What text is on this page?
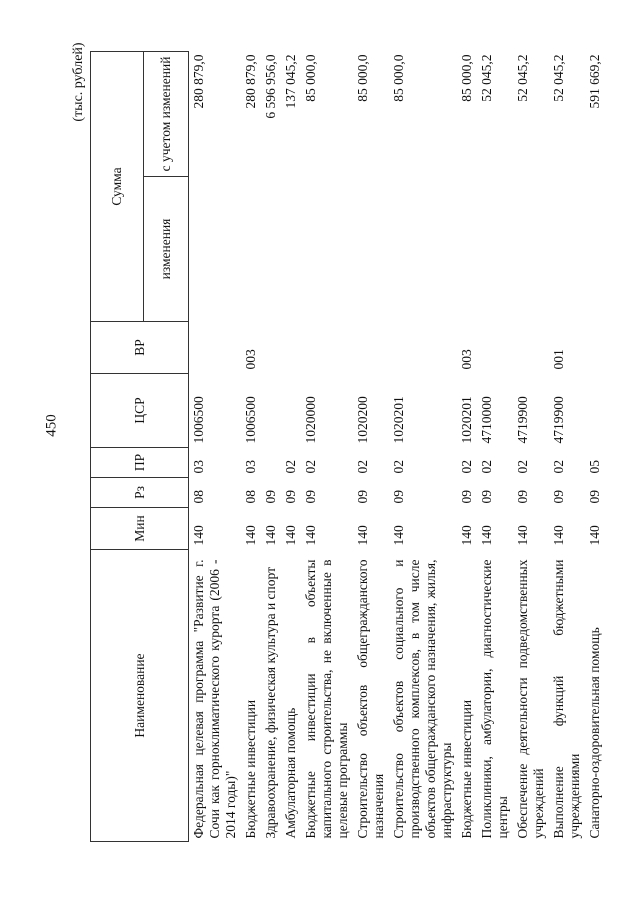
450
(тыс. рублей)
Наименование	Мин	Рз	ПР	ЦСР	ВР	Сумма	
						изменения	с учетом изменений
Федеральная целевая программа "Развитие г. Сочи как горноклиматического курорта (2006 - 2014 годы)"	140	08	03	1006500			280 879,0
Бюджетные инвестиции	140	08	03	1006500	003		280 879,0
Здравоохранение, физическая культура и спорт	140	09					6 596 956,0
Амбулаторная помощь	140	09	02				137 045,2
Бюджетные инвестиции в объекты капитального строительства, не включенные в целевые программы	140	09	02	1020000			85 000,0
Строительство объектов общегражданского назначения	140	09	02	1020200			85 000,0
Строительство объектов социального и производственного комплексов, в том числе объектов общегражданского назначения, жилья, инфраструктуры	140	09	02	1020201			85 000,0
Бюджетные инвестиции	140	09	02	1020201	003		85 000,0
Поликлиники, амбулатории, диагностические центры	140	09	02	4710000			52 045,2
Обеспечение деятельности подведомственных учреждений	140	09	02	4719900			52 045,2
Выполнение функций бюджетными учреждениями	140	09	02	4719900	001		52 045,2
Санаторно-оздоровительная помощь	140	09	05				591 669,2
